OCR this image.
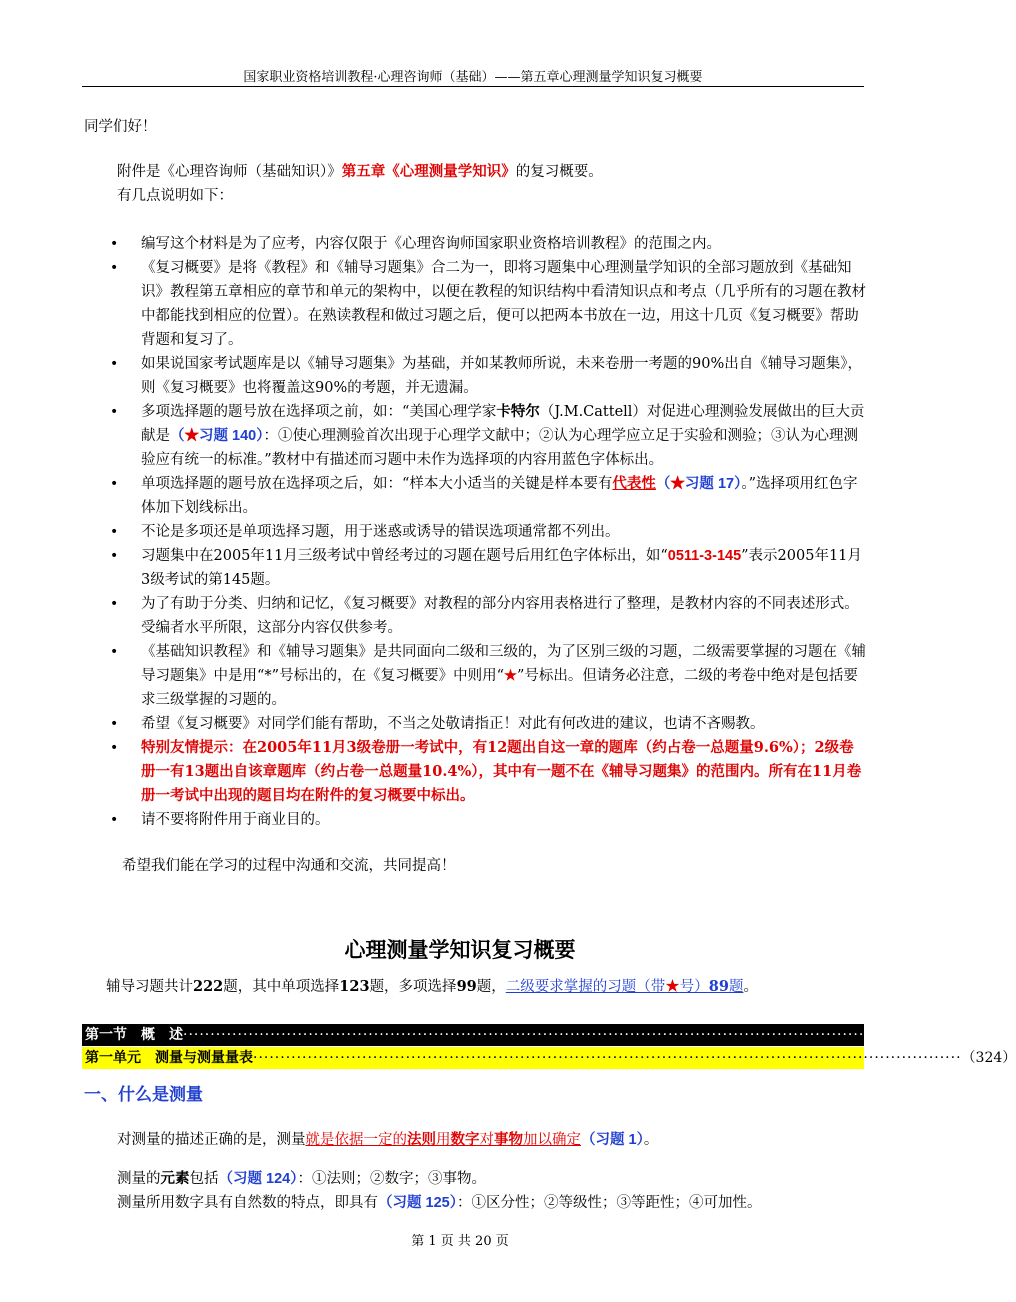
国家职业资格培训教程·心理咨询师（基础）——第五章心理测量学知识复习概要
同学们好！
附件是《心理咨询师（基础知识）》第五章《心理测量学知识》的复习概要。
有几点说明如下：
• 编写这个材料是为了应考，内容仅限于《心理咨询师国家职业资格培训教程》的范围之内。
• 《复习概要》是将《教程》和《辅导习题集》合二为一，即将习题集中心理测量学知识的全部习题放到《基础知识》教程第五章相应的章节和单元的架构中，以便在教程的知识结构中看清知识点和考点（几乎所有的习题在教材中都能找到相应的位置）。在熟读教程和做过习题之后，便可以把两本书放在一边，用这十几页《复习概要》帮助背题和复习了。
• 如果说国家考试题库是以《辅导习题集》为基础，并如某教师所说，未来卷册一考题的90%出自《辅导习题集》，则《复习概要》也将覆盖这90%的考题，并无遗漏。
• 多项选择题的题号放在选择项之前，如：“美国心理学家卡特尔（J.M.Cattell）对促进心理测验发展做出的巨大贡献是（★习题 140）：①使心理测验首次出现于心理学文献中；②认为心理学应立足于实验和测验；③认为心理测验应有统一的标准。”教材中有描述而习题中未作为选择项的内容用蓝色字体标出。
• 单项选择题的题号放在选择项之后，如：“样本大小适当的关键是样本要有代表性（★习题 17）。”选择项用红色字体加下划线标出。
• 不论是多项还是单项选择习题，用于迷惑或诱导的错误选项通常都不列出。
• 习题集中在2005年11月三级考试中曾经考过的习题在题号后用红色字体标出，如“0511-3-145”表示2005年11月3级考试的第145题。
• 为了有助于分类、归纳和记忆，《复习概要》对教程的部分内容用表格进行了整理，是教材内容的不同表述形式。受编者水平所限，这部分内容仅供参考。
• 《基础知识教程》和《辅导习题集》是共同面向二级和三级的，为了区别三级的习题，二级需要掌握的习题在《辅导习题集》中是用“*”号标出的，在《复习概要》中则用“★”号标出。但请务必注意，二级的考卷中绝对是包括要求三级掌握的习题的。
• 希望《复习概要》对同学们能有帮助，不当之处敬请指正！对此有何改进的建议，也请不吝赐教。
• 特别友情提示：在2005年11月3级卷册一考试中，有12题出自这一章的题库（约占卷一总题量9.6%）；2级卷册一有13题出自该章题库（约占卷一总题量10.4%），其中有一题不在《辅导习题集》的范围内。所有在11月卷册一考试中出现的题目均在附件的复习概要中标出。
• 请不要将附件用于商业目的。
希望我们能在学习的过程中沟通和交流，共同提高！
心理测量学知识复习概要
辅导习题共计222题，其中单项选择123题，多项选择99题，二级要求掌握的习题（带★号）89题。
第一节　概　述 ·································································································································· （324）
第一单元　测量与测量量表 ·································································································································· （324）
一、什么是测量
对测量的描述正确的是，测量就是依据一定的法则用数字对事物加以确定（习题 1）。
测量的元素包括（习题 124）：①法则；②数字；③事物。
测量所用数字具有自然数的特点，即具有（习题 125）：①区分性；②等级性；③等距性；④可加性。
第 1 页 共 20 页
